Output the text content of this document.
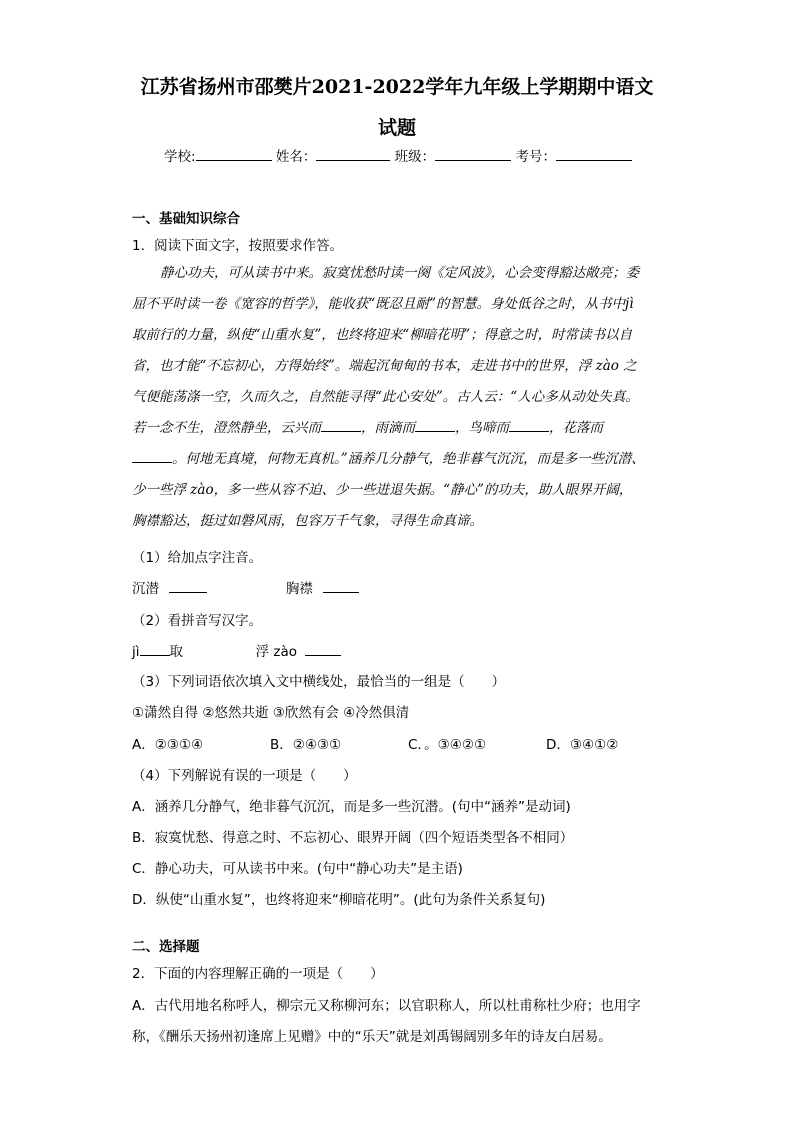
江苏省扬州市邵樊片2021-2022学年九年级上学期期中语文
试题
学校:	姓名：	班级：	考号：
一、基础知识综合
1．阅读下面文字，按照要求作答。
静心功夫，可从读书中来。寂寞忧愁时读一阕《定风波》，心会变得豁达敞亮；委
屈不平时读一卷《宽容的哲学》，能收获“既忍且耐”的智慧。身处低谷之时，从书中jì
取前行的力量，纵使“山重水复”，也终将迎来“柳暗花明”；得意之时，时常读书以自
省，也才能“不忘初心，方得始终”。端起沉甸甸的书本，走进书中的世界，浮 zào 之
气便能荡涤一空，久而久之，自然能寻得“此心安处”。古人云：“人心多从动处失真。
若一念不生，澄然静坐，云兴而	，雨滴而	，鸟啼而	，花落而
。何地无真境，何物无真机。”涵养几分静气，绝非暮气沉沉，而是多一些沉潜、
少一些浮 zào，多一些从容不迫、少一些进退失据。“静心”的功夫，助人眼界开阔，
胸襟豁达，挺过如磐风雨，包容万千气象，寻得生命真谛。
（1）给加点字注音。
沉潜	胸襟
（2）看拼音写汉字。
jì 取	浮 zào
（3）下列词语依次填入文中横线处，最恰当的一组是（　　）
①潇然自得 ②悠然共逝 ③欣然有会 ④冷然俱清
A．②③①④	B．②④③①	C．。③④②①	D．③④①②
（4）下列解说有误的一项是（　　）
A．涵养几分静气，绝非暮气沉沉，而是多一些沉潜。(句中“涵养”是动词)
B．寂寞忧愁、得意之时、不忘初心、眼界开阔（四个短语类型各不相同）
C．静心功夫，可从读书中来。(句中“静心功夫”是主语)
D．纵使“山重水复”，也终将迎来“柳暗花明”。(此句为条件关系复句)
二、选择题
2．下面的内容理解正确的一项是（　　）
A．古代用地名称呼人，柳宗元又称柳河东；以官职称人，所以杜甫称杜少府；也用字
称，《酬乐天扬州初逢席上见赠》中的“乐天”就是刘禹锡阔别多年的诗友白居易。
